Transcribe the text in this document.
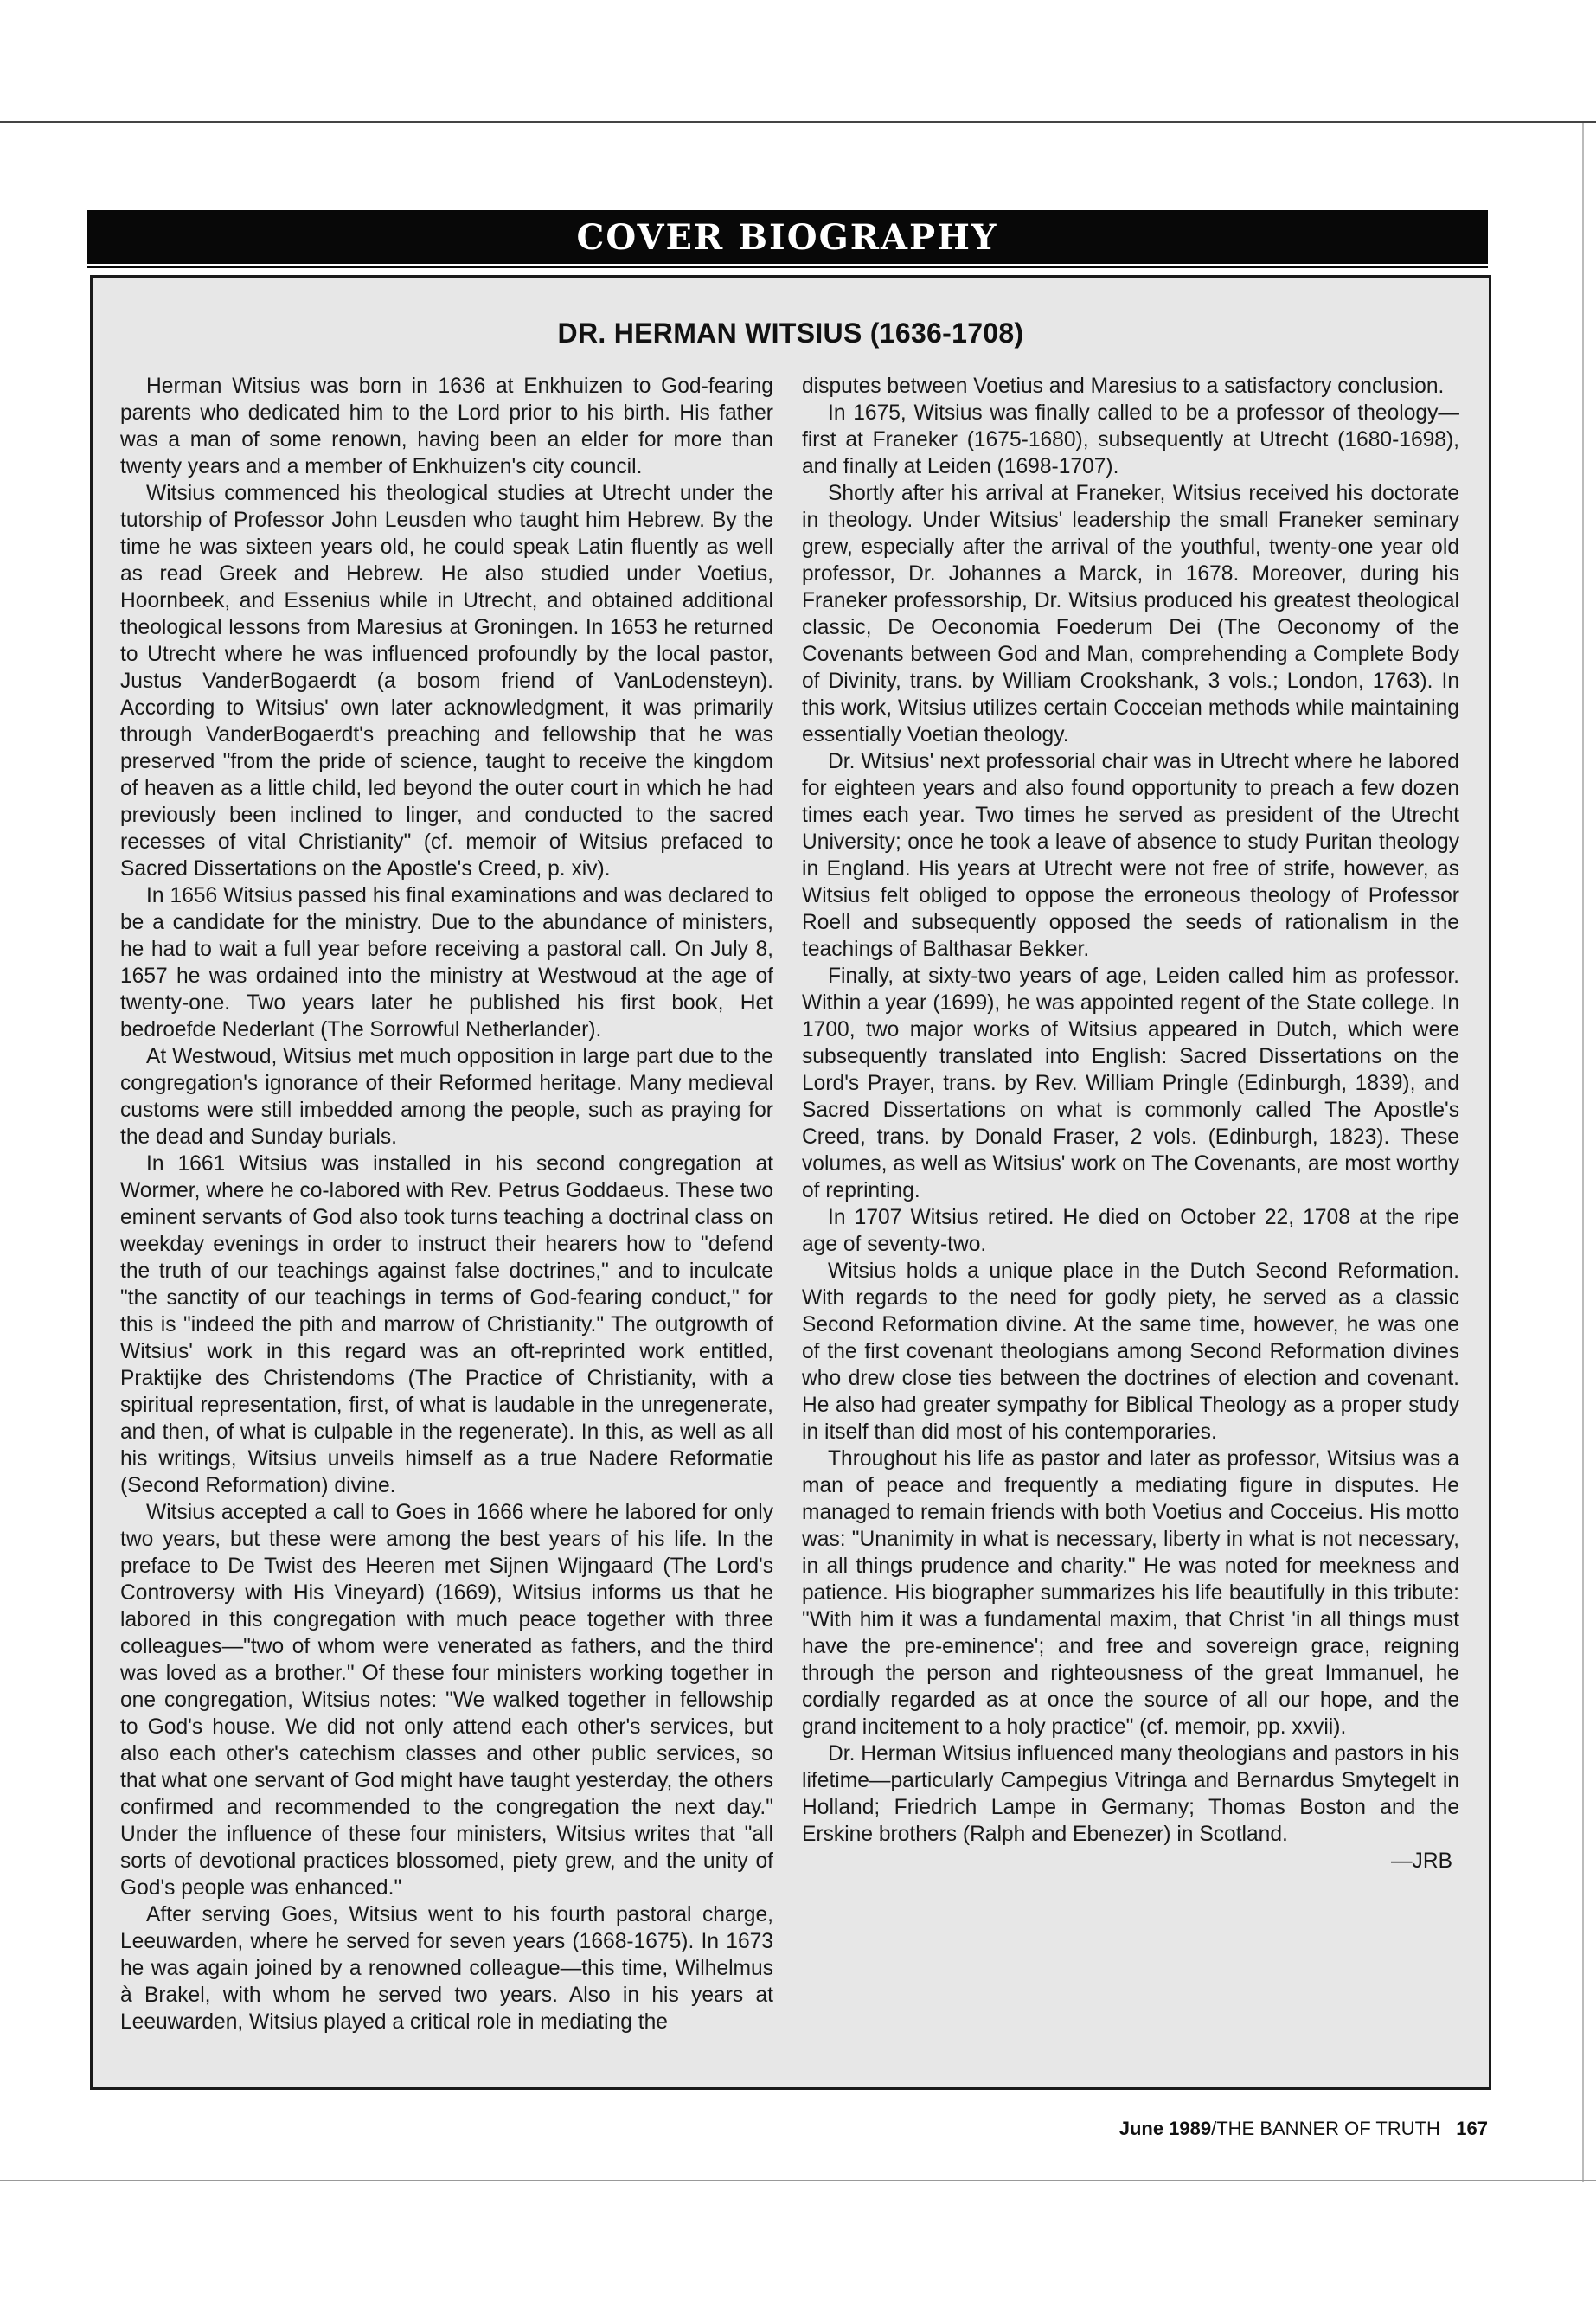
COVER BIOGRAPHY
DR. HERMAN WITSIUS (1636-1708)

Herman Witsius was born in 1636 at Enkhuizen to God-fearing parents who dedicated him to the Lord prior to his birth. His father was a man of some renown, having been an elder for more than twenty years and a member of Enkhuizen's city council.

Witsius commenced his theological studies at Utrecht under the tutorship of Professor John Leusden who taught him Hebrew. By the time he was sixteen years old, he could speak Latin fluently as well as read Greek and Hebrew. He also studied under Voetius, Hoornbeek, and Essenius while in Utrecht, and obtained additional theological lessons from Maresius at Groningen. In 1653 he returned to Utrecht where he was influenced profoundly by the local pastor, Justus VanderBogaerdt (a bosom friend of VanLodensteyn). According to Witsius' own later acknowledgment, it was primarily through VanderBogaerdt's preaching and fellowship that he was preserved "from the pride of science, taught to receive the kingdom of heaven as a little child, led beyond the outer court in which he had previously been inclined to linger, and conducted to the sacred recesses of vital Christianity" (cf. memoir of Witsius prefaced to Sacred Dissertations on the Apostle's Creed, p. xiv).

In 1656 Witsius passed his final examinations and was declared to be a candidate for the ministry. Due to the abundance of ministers, he had to wait a full year before receiving a pastoral call. On July 8, 1657 he was ordained into the ministry at Westwoud at the age of twenty-one. Two years later he published his first book, Het bedroefde Nederlant (The Sorrowful Netherlander).

At Westwoud, Witsius met much opposition in large part due to the congregation's ignorance of their Reformed heritage. Many medieval customs were still imbedded among the people, such as praying for the dead and Sunday burials.

In 1661 Witsius was installed in his second congregation at Wormer, where he co-labored with Rev. Petrus Goddaeus. These two eminent servants of God also took turns teaching a doctrinal class on weekday evenings in order to instruct their hearers how to "defend the truth of our teachings against false doctrines," and to inculcate "the sanctity of our teachings in terms of God-fearing conduct," for this is "indeed the pith and marrow of Christianity." The outgrowth of Witsius' work in this regard was an oft-reprinted work entitled, Praktijke des Christendoms (The Practice of Christianity, with a spiritual representation, first, of what is laudable in the unregenerate, and then, of what is culpable in the regenerate). In this, as well as all his writings, Witsius unveils himself as a true Nadere Reformatie (Second Reformation) divine.

Witsius accepted a call to Goes in 1666 where he labored for only two years, but these were among the best years of his life. In the preface to De Twist des Heeren met Sijnen Wijngaard (The Lord's Controversy with His Vineyard) (1669), Witsius informs us that he labored in this congregation with much peace together with three colleagues—"two of whom were venerated as fathers, and the third was loved as a brother." Of these four ministers working together in one congregation, Witsius notes: "We walked together in fellowship to God's house. We did not only attend each other's services, but also each other's catechism classes and other public services, so that what one servant of God might have taught yesterday, the others confirmed and recommended to the congregation the next day." Under the influence of these four ministers, Witsius writes that "all sorts of devotional practices blossomed, piety grew, and the unity of God's people was enhanced."

After serving Goes, Witsius went to his fourth pastoral charge, Leeuwarden, where he served for seven years (1668-1675). In 1673 he was again joined by a renowned colleague—this time, Wilhelmus à Brakel, with whom he served two years. Also in his years at Leeuwarden, Witsius played a critical role in mediating the

disputes between Voetius and Maresius to a satisfactory conclusion.

In 1675, Witsius was finally called to be a professor of theology—first at Franeker (1675-1680), subsequently at Utrecht (1680-1698), and finally at Leiden (1698-1707).

Shortly after his arrival at Franeker, Witsius received his doctorate in theology. Under Witsius' leadership the small Franeker seminary grew, especially after the arrival of the youthful, twenty-one year old professor, Dr. Johannes a Marck, in 1678. Moreover, during his Franeker professorship, Dr. Witsius produced his greatest theological classic, De Oeconomia Foederum Dei (The Oeconomy of the Covenants between God and Man, comprehending a Complete Body of Divinity, trans. by William Crookshank, 3 vols.; London, 1763). In this work, Witsius utilizes certain Cocceian methods while maintaining essentially Voetian theology.

Dr. Witsius' next professorial chair was in Utrecht where he labored for eighteen years and also found opportunity to preach a few dozen times each year. Two times he served as president of the Utrecht University; once he took a leave of absence to study Puritan theology in England. His years at Utrecht were not free of strife, however, as Witsius felt obliged to oppose the erroneous theology of Professor Roell and subsequently opposed the seeds of rationalism in the teachings of Balthasar Bekker.

Finally, at sixty-two years of age, Leiden called him as professor. Within a year (1699), he was appointed regent of the State college. In 1700, two major works of Witsius appeared in Dutch, which were subsequently translated into English: Sacred Dissertations on the Lord's Prayer, trans. by Rev. William Pringle (Edinburgh, 1839), and Sacred Dissertations on what is commonly called The Apostle's Creed, trans. by Donald Fraser, 2 vols. (Edinburgh, 1823). These volumes, as well as Witsius' work on The Covenants, are most worthy of reprinting.

In 1707 Witsius retired. He died on October 22, 1708 at the ripe age of seventy-two.

Witsius holds a unique place in the Dutch Second Reformation. With regards to the need for godly piety, he served as a classic Second Reformation divine. At the same time, however, he was one of the first covenant theologians among Second Reformation divines who drew close ties between the doctrines of election and covenant. He also had greater sympathy for Biblical Theology as a proper study in itself than did most of his contemporaries.

Throughout his life as pastor and later as professor, Witsius was a man of peace and frequently a mediating figure in disputes. He managed to remain friends with both Voetius and Cocceius. His motto was: "Unanimity in what is necessary, liberty in what is not necessary, in all things prudence and charity." He was noted for meekness and patience. His biographer summarizes his life beautifully in this tribute: "With him it was a fundamental maxim, that Christ 'in all things must have the pre-eminence'; and free and sovereign grace, reigning through the person and righteousness of the great Immanuel, he cordially regarded as at once the source of all our hope, and the grand incitement to a holy practice" (cf. memoir, pp. xxvii).

Dr. Herman Witsius influenced many theologians and pastors in his lifetime—particularly Campegius Vitringa and Bernardus Smytegelt in Holland; Friedrich Lampe in Germany; Thomas Boston and the Erskine brothers (Ralph and Ebenezer) in Scotland.

—JRB
June 1989/THE BANNER OF TRUTH 167
